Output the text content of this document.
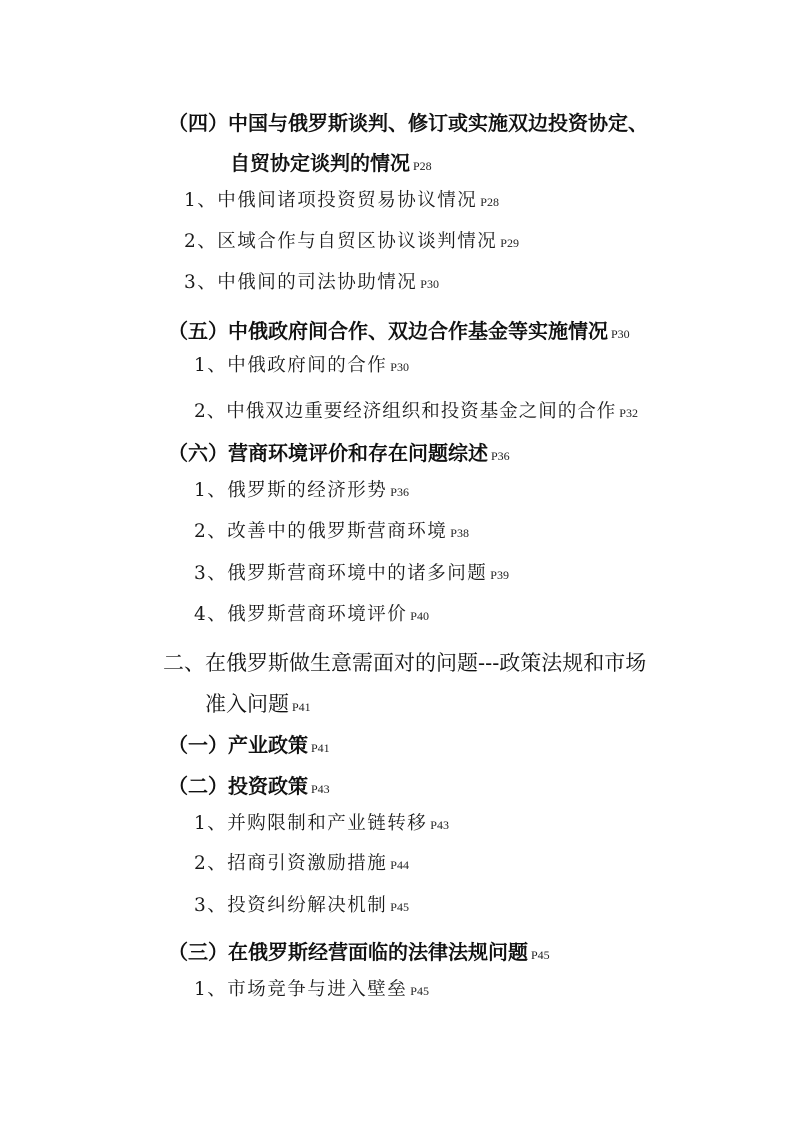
（四）中国与俄罗斯谈判、修订或实施双边投资协定、
自贸协定谈判的情况 P28
1、中俄间诸项投资贸易协议情况 P28
2、区域合作与自贸区协议谈判情况 P29
3、中俄间的司法协助情况 P30
（五）中俄政府间合作、双边合作基金等实施情况 P30
1、中俄政府间的合作 P30
2、中俄双边重要经济组织和投资基金之间的合作 P32
（六）营商环境评价和存在问题综述 P36
1、俄罗斯的经济形势 P36
2、改善中的俄罗斯营商环境 P38
3、俄罗斯营商环境中的诸多问题 P39
4、俄罗斯营商环境评价 P40
二、在俄罗斯做生意需面对的问题---政策法规和市场
准入问题 P41
（一）产业政策 P41
（二）投资政策 P43
1、并购限制和产业链转移 P43
2、招商引资激励措施 P44
3、投资纠纷解决机制 P45
（三）在俄罗斯经营面临的法律法规问题 P45
1、市场竞争与进入壁垒 P45
